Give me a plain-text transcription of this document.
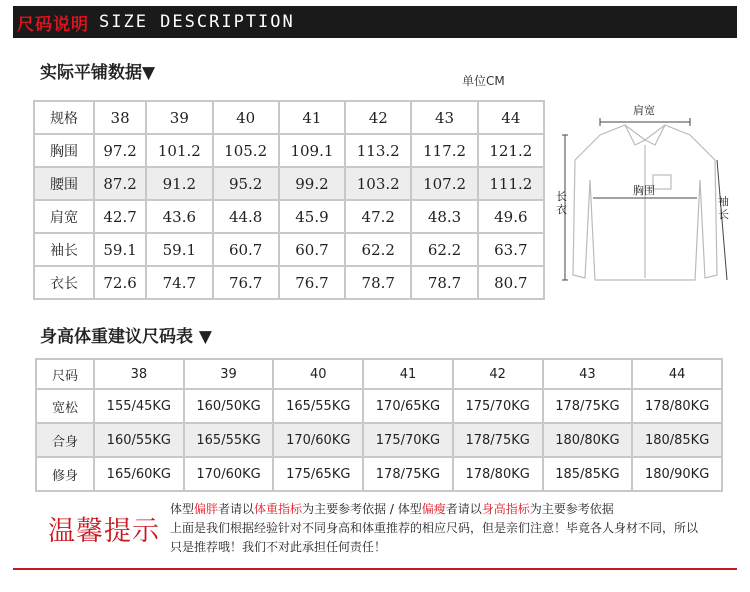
尺码说明 SIZE DESCRIPTION
实际平铺数据▼	单位CM
规格	38	39	40	41	42	43	44
胸围	97.2	101.2	105.2	109.1	113.2	117.2	121.2
腰围	87.2	91.2	95.2	99.2	103.2	107.2	111.2
肩宽	42.7	43.6	44.8	45.9	47.2	48.3	49.6
袖长	59.1	59.1	60.7	60.7	62.2	62.2	63.7
衣长	72.6	74.7	76.7	76.7	78.7	78.7	80.7
肩宽
胸围
长衣
袖长
身高体重建议尺码表 ▼
尺码	38	39	40	41	42	43	44
宽松	155/45KG	160/50KG	165/55KG	170/65KG	175/70KG	178/75KG	178/80KG
合身	160/55KG	165/55KG	170/60KG	175/70KG	178/75KG	180/80KG	180/85KG
修身	165/60KG	170/60KG	175/65KG	178/75KG	178/80KG	185/85KG	180/90KG
温馨提示
体型偏胖者请以体重指标为主要参考依据 / 体型偏瘦者请以身高指标为主要参考依据
上面是我们根据经验针对不同身高和体重推荐的相应尺码，但是亲们注意！毕竟各人身材不同，所以只是推荐哦！我们不对此承担任何责任！
